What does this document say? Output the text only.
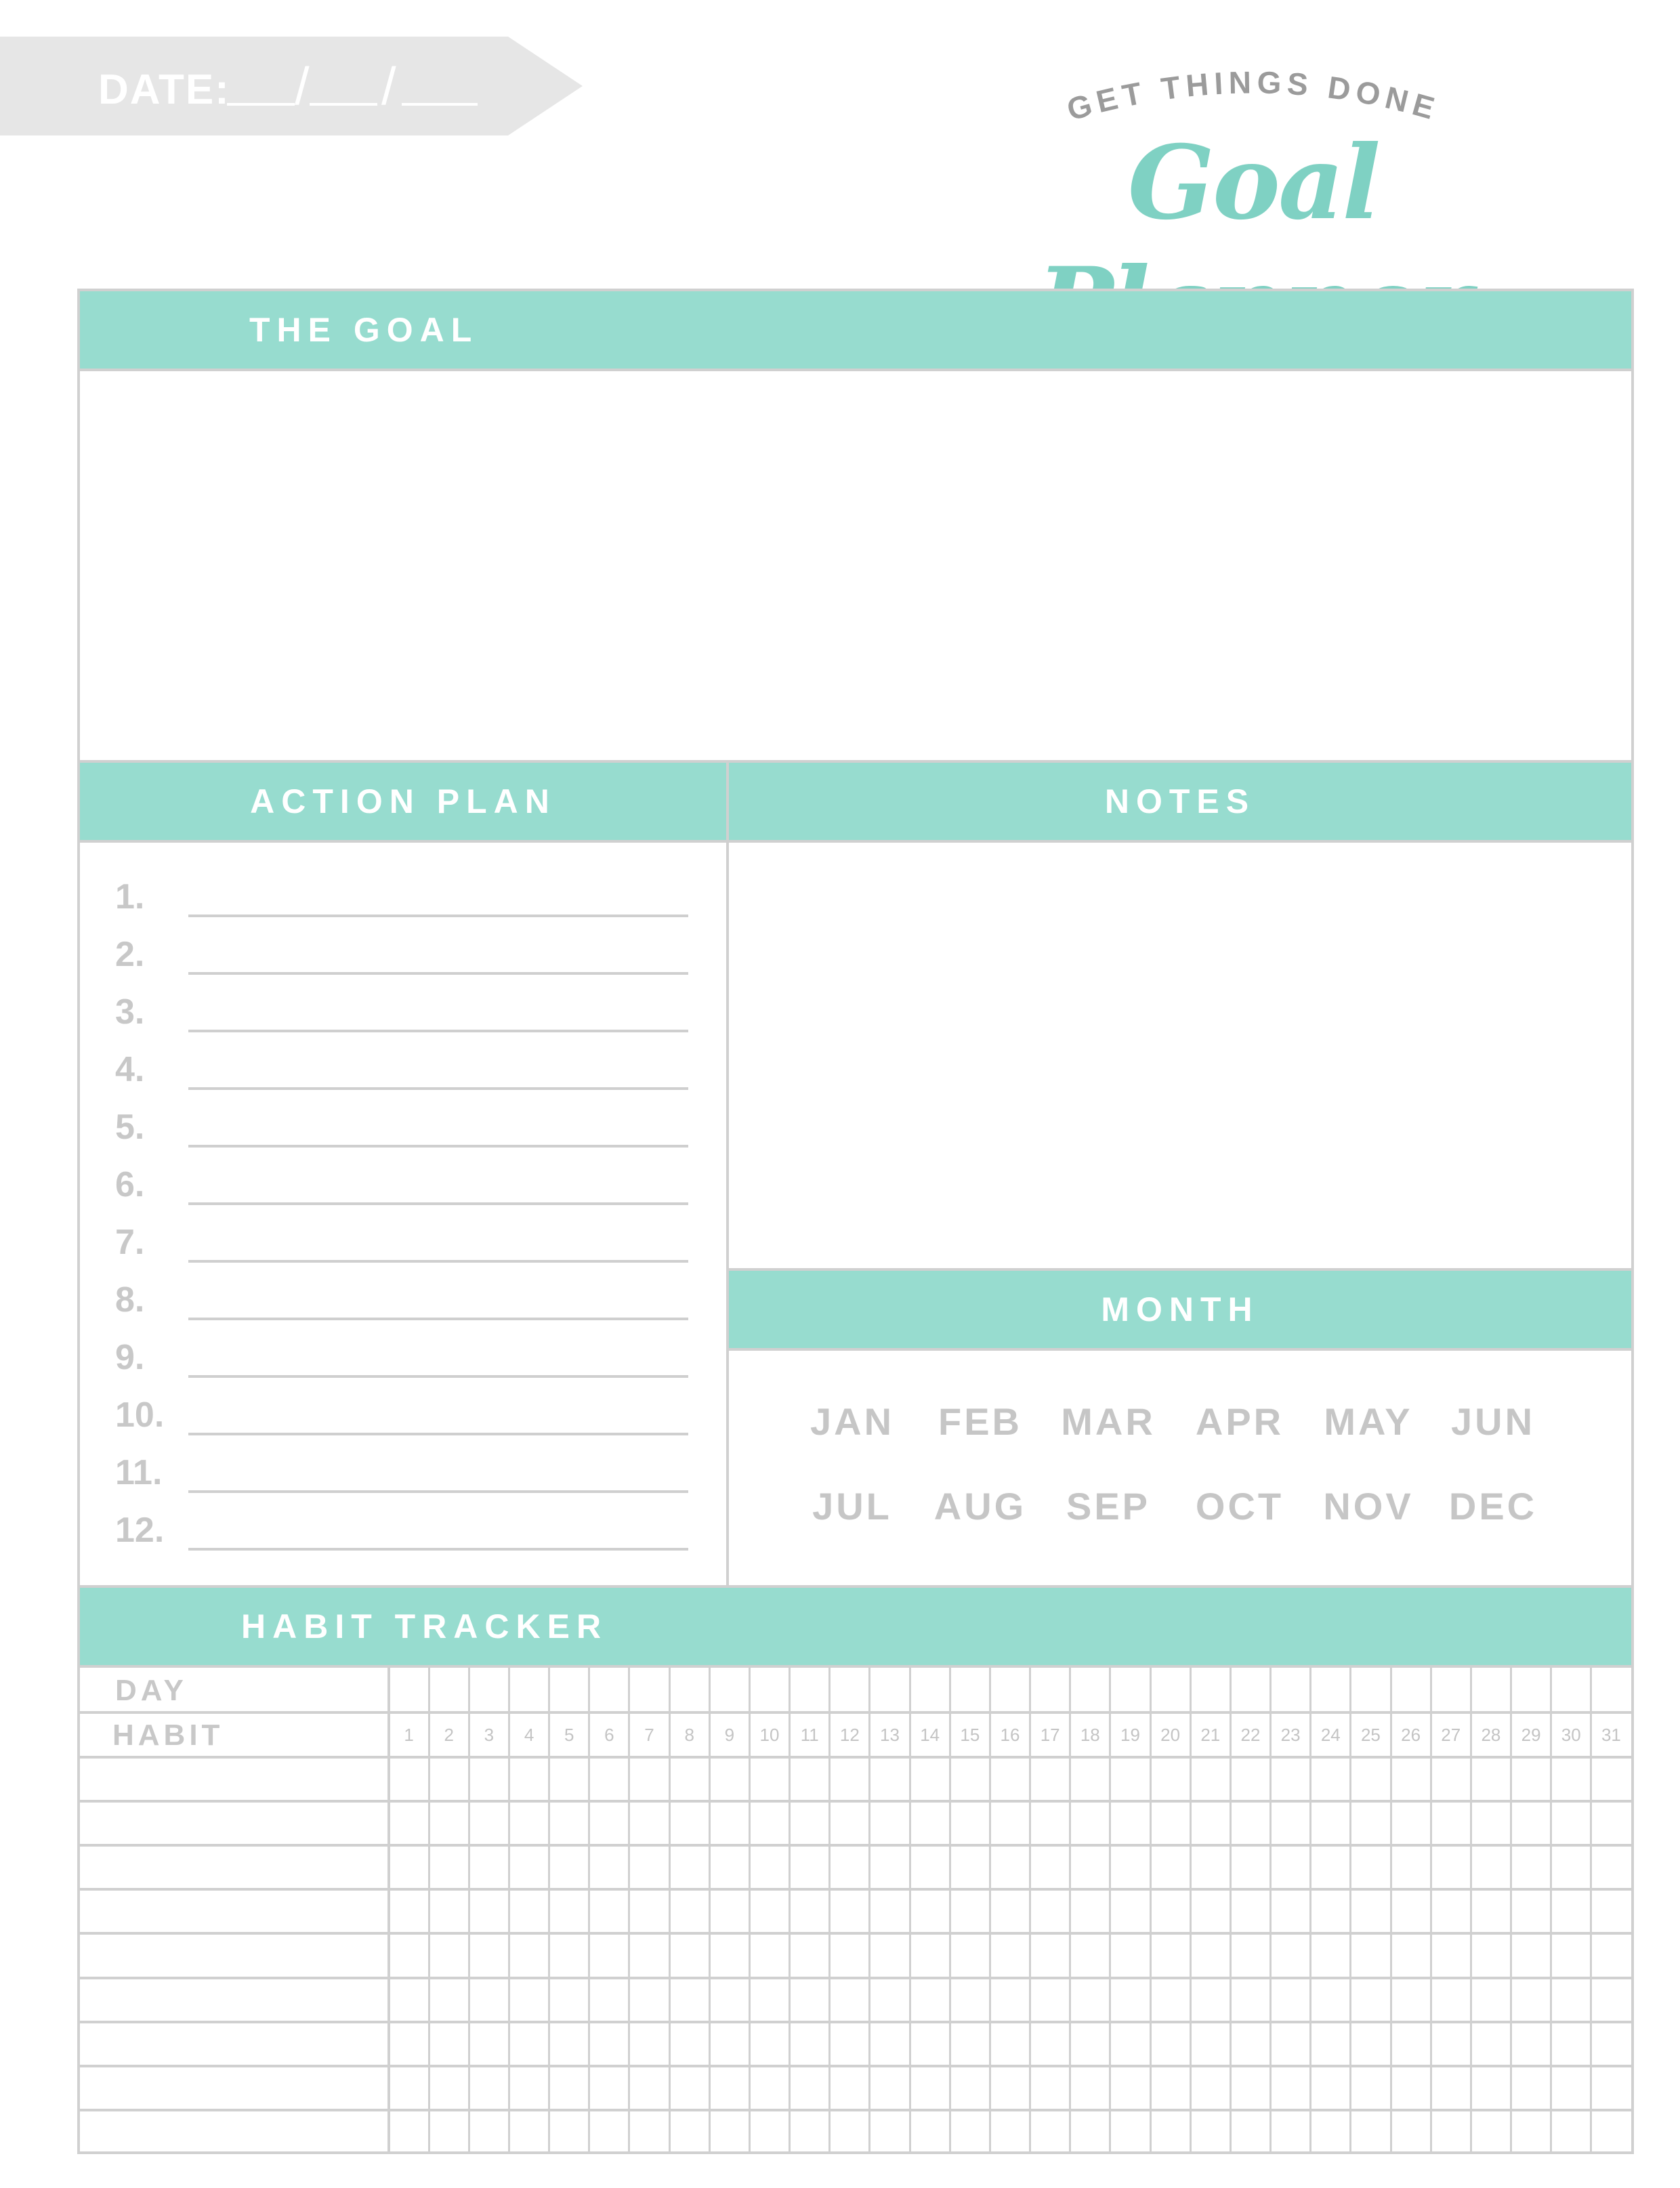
DATE: / /	GET THINGS DONE
Goal
THE GOAL
ACTION PLAN
1.
2.
3.
4.
5.
6.
7.
8.
9.
10.
11.
12.
NOTES
MONTH
JAN	FEB	MAR	APR	MAY	JUN
JUL	AUG	SEP	OCT	NOV DEC
HABIT TRACKER
DAY
HABIT	1	2	3	4	5	6	7	8	9	10	11	12	13	14	15	16	17	18	19	20	21	22	23	24	25	26	27	28	29	30	31
